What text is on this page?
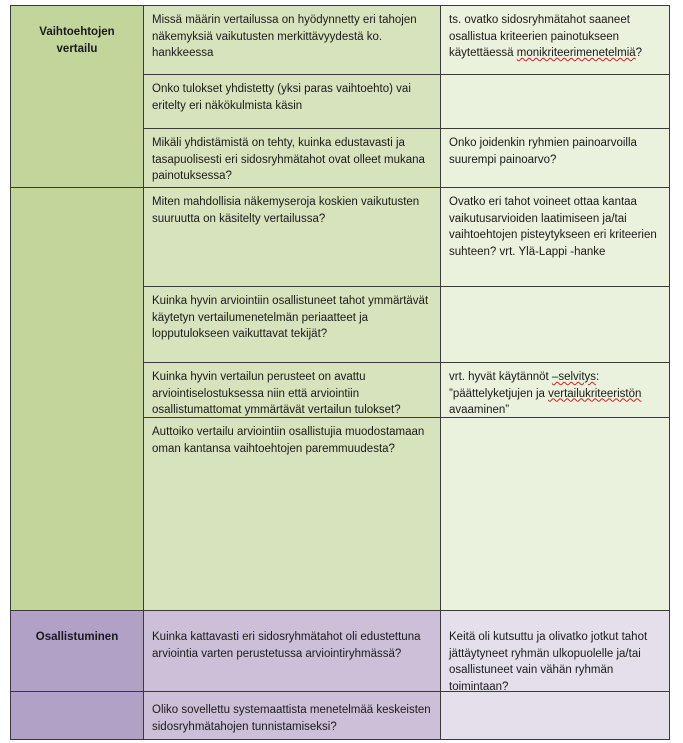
Vaihtoehtojen vertailu
Missä määrin vertailussa on hyödynnetty eri tahojen näkemyksiä vaikutusten merkittävyydestä ko. hankkeessa
ts. ovatko sidosryhmätahot saaneet osallistua kriteerien painotukseen käytettäessä monikriteerimenetelmiä?
Onko tulokset yhdistetty (yksi paras vaihtoehto) vai eritelty eri näkökulmista käsin
Mikäli yhdistämistä on tehty, kuinka edustavasti ja tasapuolisesti eri sidosryhmätahot ovat olleet mukana painotuksessa?
Onko joidenkin ryhmien painoarvoilla suurempi painoarvo?
Miten mahdollisia näkemyseroja koskien vaikutusten suuruutta on käsitelty vertailussa?
Ovatko eri tahot voineet ottaa kantaa vaikutusarvioiden laatimiseen ja/tai vaihtoehtojen pisteytykseen eri kriteerien suhteen? vrt. Ylä-Lappi -hanke
Kuinka hyvin arviointiin osallistuneet tahot ymmärtävät käytetyn vertailumenetelmän periaatteet ja lopputulokseen vaikuttavat tekijät?
Kuinka hyvin vertailun perusteet on avattu arviointiselostuksessa niin että arviointiin osallistumattomat ymmärtävät vertailun tulokset?
vrt. hyvät käytännöt –selvitys: ”päättelyketjujen ja vertailukriteeristön avaaminen”
Auttoiko vertailu arviointiin osallistujia muodostamaan oman kantansa vaihtoehtojen paremmuudesta?
Osallistuminen	Kuinka kattavasti eri sidosryhmätahot oli edustettuna arviointia varten perustetussa arviointiryhmässä?
Keitä oli kutsuttu ja olivatko jotkut tahot jättäytyneet ryhmän ulkopuolelle ja/tai osallistuneet vain vähän ryhmän toimintaan?
Oliko sovellettu systemaattista menetelmää keskeisten sidosryhmätahojen tunnistamiseksi?
